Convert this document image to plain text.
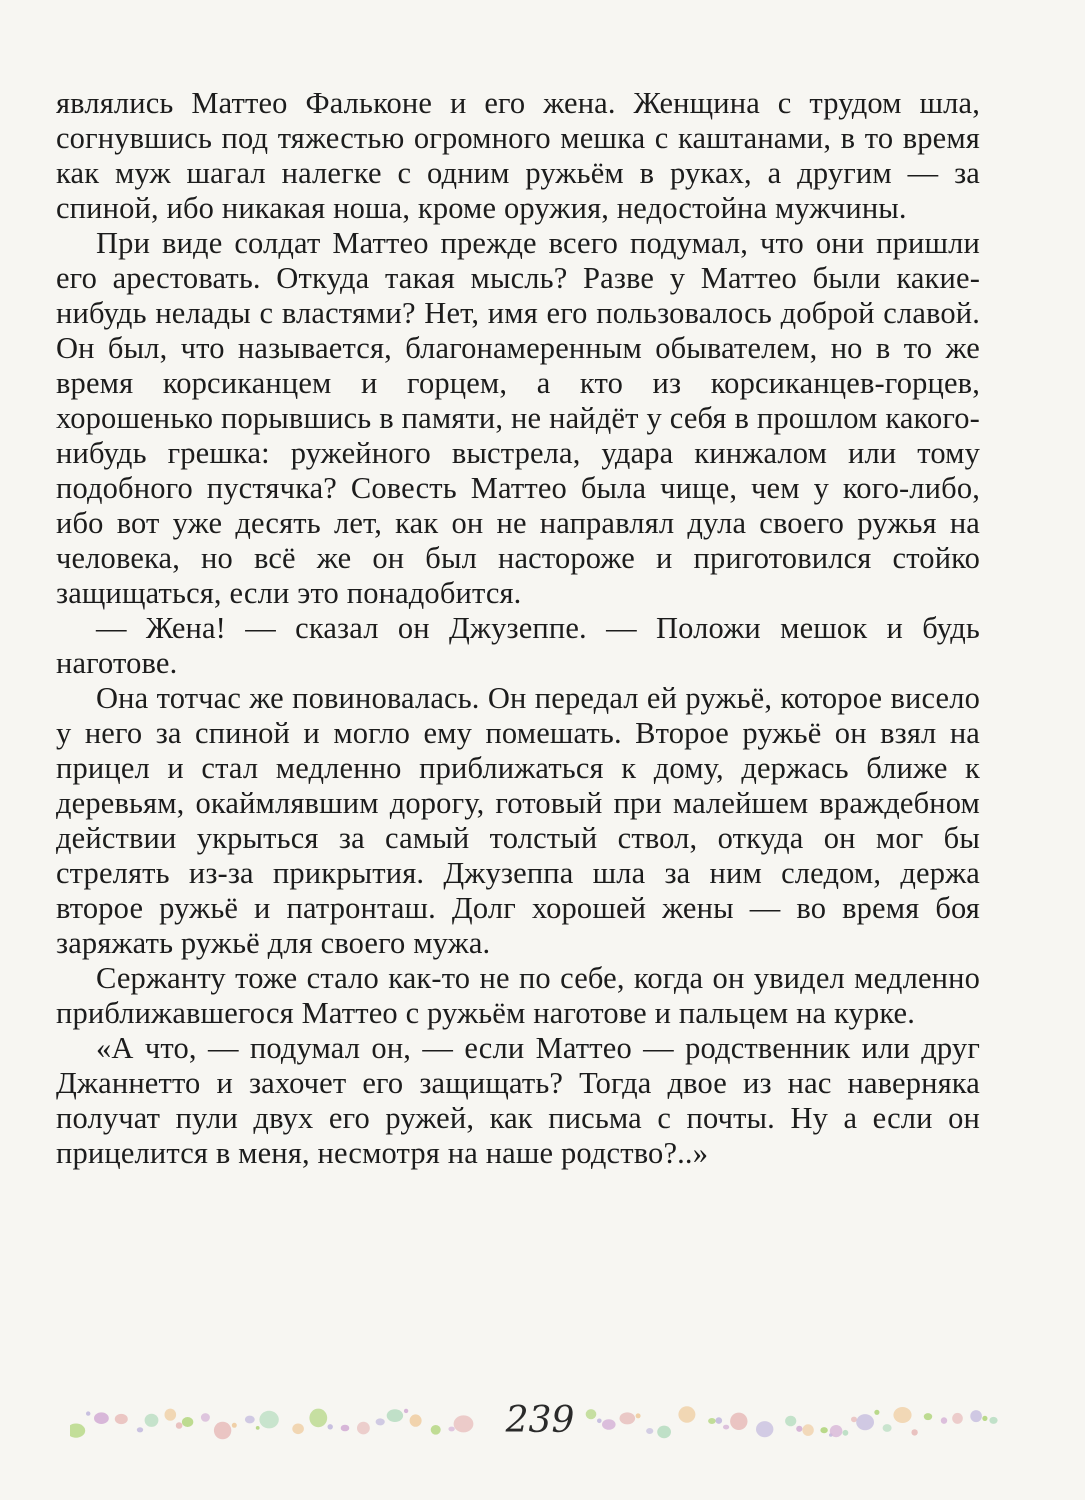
являлись Маттео Фальконе и его жена. Женщина с трудом шла, согнувшись под тяжестью огромного мешка с каштанами, в то время как муж шагал налегке с одним ружьём в руках, а другим — за спиной, ибо никакая ноша, кроме оружия, недостойна мужчины.

При виде солдат Маттео прежде всего подумал, что они пришли его арестовать. Откуда такая мысль? Разве у Маттео были какие-нибудь нелады с властями? Нет, имя его пользовалось доброй славой. Он был, что называется, благонамеренным обывателем, но в то же время корсиканцем и горцем, а кто из корсиканцев-горцев, хорошенько порывшись в памяти, не найдёт у себя в прошлом какого-нибудь грешка: ружейного выстрела, удара кинжалом или тому подобного пустячка? Совесть Маттео была чище, чем у кого-либо, ибо вот уже десять лет, как он не направлял дула своего ружья на человека, но всё же он был настороже и приготовился стойко защищаться, если это понадобится.

— Жена! — сказал он Джузеппе. — Положи мешок и будь наготове.

Она тотчас же повиновалась. Он передал ей ружьё, которое висело у него за спиной и могло ему помешать. Второе ружьё он взял на прицел и стал медленно приближаться к дому, держась ближе к деревьям, окаймлявшим дорогу, готовый при малейшем враждебном действии укрыться за самый толстый ствол, откуда он мог бы стрелять из-за прикрытия. Джузеппа шла за ним следом, держа второе ружьё и патронташ. Долг хорошей жены — во время боя заряжать ружьё для своего мужа.

Сержанту тоже стало как-то не по себе, когда он увидел медленно приближавшегося Маттео с ружьём наготове и пальцем на курке.

«А что, — подумал он, — если Маттео — родственник или друг Джаннетто и захочет его защищать? Тогда двое из нас наверняка получат пули двух его ружей, как письма с почты. Ну а если он прицелится в меня, несмотря на наше родство?..»

239
